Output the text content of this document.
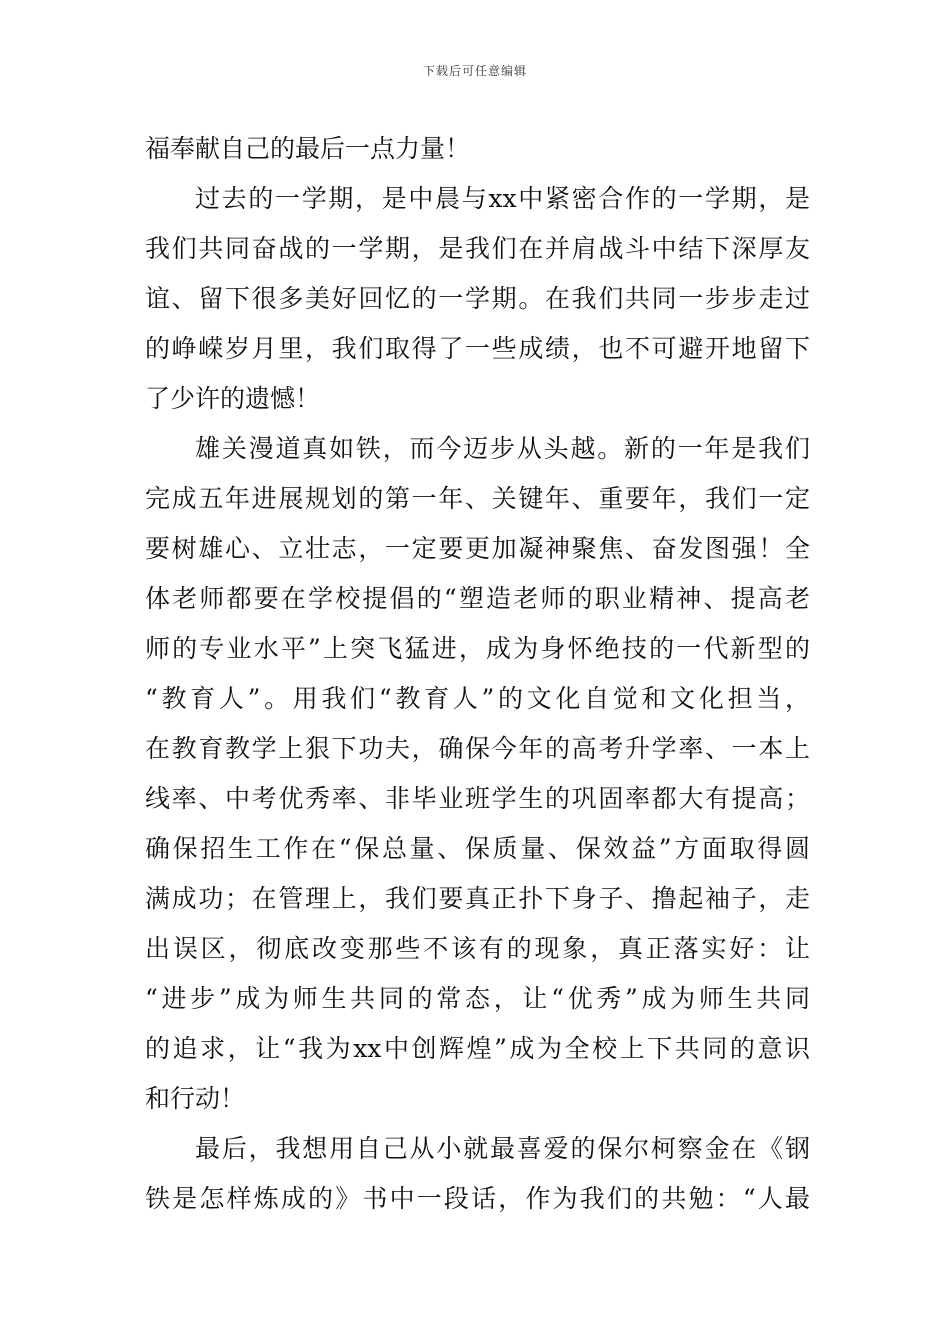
下载后可任意编辑
福奉献自己的最后一点力量！
过去的一学期，是中晨与xx中紧密合作的一学期，是
我们共同奋战的一学期，是我们在并肩战斗中结下深厚友
谊、留下很多美好回忆的一学期。在我们共同一步步走过
的峥嵘岁月里，我们取得了一些成绩，也不可避开地留下
了少许的遗憾！
雄关漫道真如铁，而今迈步从头越。新的一年是我们
完成五年进展规划的第一年、关键年、重要年，我们一定
要树雄心、立壮志，一定要更加凝神聚焦、奋发图强！全
体老师都要在学校提倡的“塑造老师的职业精神、提高老
师的专业水平”上突飞猛进，成为身怀绝技的一代新型的
“教育人”。用我们“教育人”的文化自觉和文化担当，
在教育教学上狠下功夫，确保今年的高考升学率、一本上
线率、中考优秀率、非毕业班学生的巩固率都大有提高；
确保招生工作在“保总量、保质量、保效益”方面取得圆
满成功；在管理上，我们要真正扑下身子、撸起袖子，走
出误区，彻底改变那些不该有的现象，真正落实好：让
“进步”成为师生共同的常态，让“优秀”成为师生共同
的追求，让“我为xx中创辉煌”成为全校上下共同的意识
和行动！
最后，我想用自己从小就最喜爱的保尔柯察金在《钢
铁是怎样炼成的》书中一段话，作为我们的共勉：“人最
